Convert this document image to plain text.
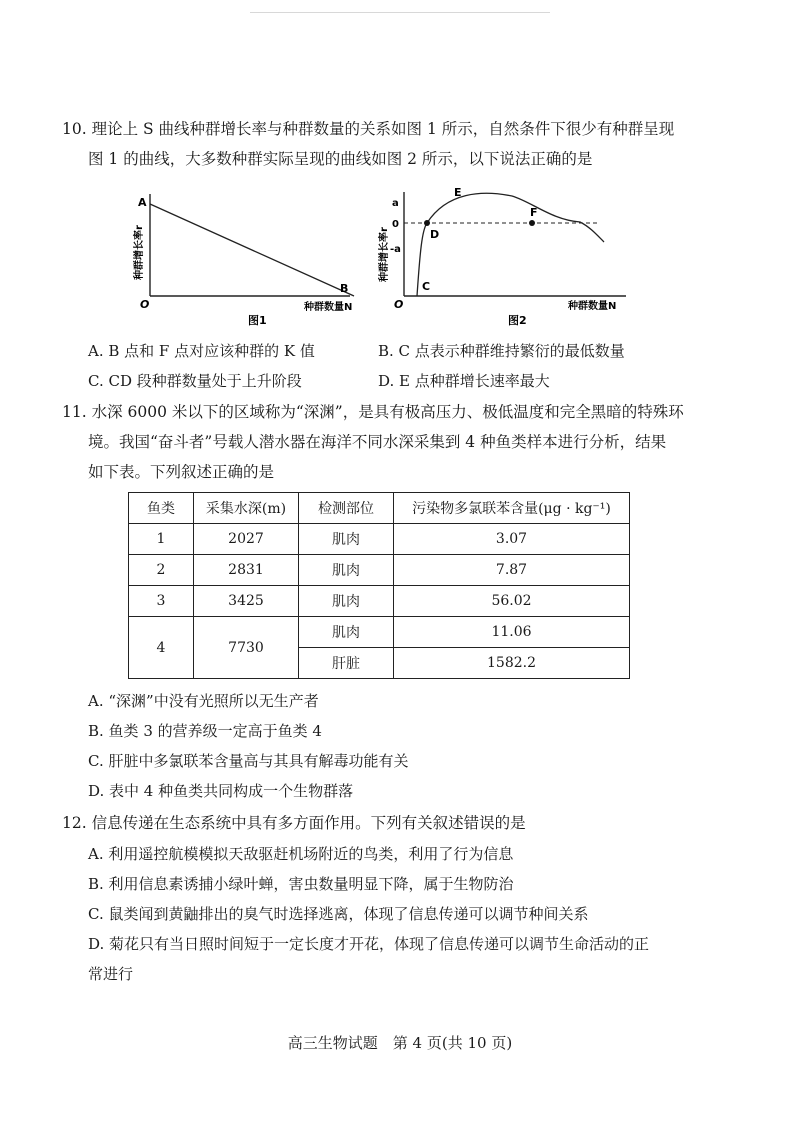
10. 理论上 S 曲线种群增长率与种群数量的关系如图 1 所示，自然条件下很少有种群呈现
图 1 的曲线，大多数种群实际呈现的曲线如图 2 所示，以下说法正确的是
A
B
O
种群增长率r
种群数量N
图1
a
0
-a
C
D
E
F
O
种群增长率r
种群数量N
图2
A. B 点和 F 点对应该种群的 K 值	B. C 点表示种群维持繁衍的最低数量
C. CD 段种群数量处于上升阶段	D. E 点种群增长速率最大
11. 水深 6000 米以下的区域称为“深渊”，是具有极高压力、极低温度和完全黑暗的特殊环
境。我国“奋斗者”号载人潜水器在海洋不同水深采集到 4 种鱼类样本进行分析，结果
如下表。下列叙述正确的是
鱼类	采集水深(m)	检测部位	污染物多氯联苯含量(μg · kg⁻¹)
1	2027	肌肉	3.07
2	2831	肌肉	7.87
3	3425	肌肉	56.02
4	7730	肌肉	11.06
		肝脏	1582.2
A. “深渊”中没有光照所以无生产者
B. 鱼类 3 的营养级一定高于鱼类 4
C. 肝脏中多氯联苯含量高与其具有解毒功能有关
D. 表中 4 种鱼类共同构成一个生物群落
12. 信息传递在生态系统中具有多方面作用。下列有关叙述错误的是
A. 利用遥控航模模拟天敌驱赶机场附近的鸟类，利用了行为信息
B. 利用信息素诱捕小绿叶蝉，害虫数量明显下降，属于生物防治
C. 鼠类闻到黄鼬排出的臭气时选择逃离，体现了信息传递可以调节种间关系
D. 菊花只有当日照时间短于一定长度才开花，体现了信息传递可以调节生命活动的正
常进行
高三生物试题　第 4 页(共 10 页)
